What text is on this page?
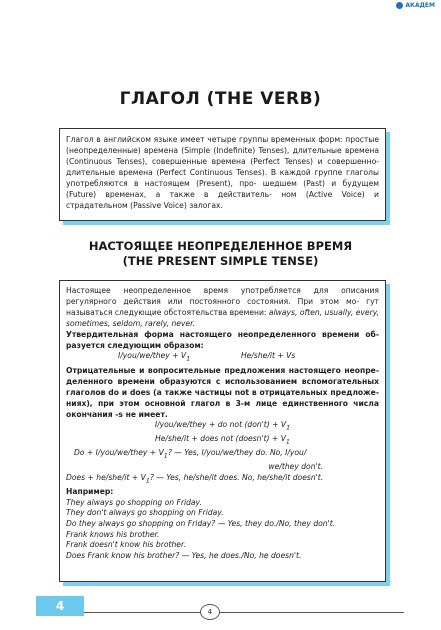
АКАДЕМ
ГЛАГОЛ (THE VERB)

Глагол в английском языке имеет четыре группы временных форм: простые (неопределенные) времена (Simple (Indefinite) Tenses), длительные времена (Continuous Tenses), совершенные времена (Perfect Tenses) и совершенно-длительные времена (Perfect Continuous Tenses). В каждой группе глаголы употребляются в настоящем (Present), про- шедшем (Past) и будущем (Future) временах, а также в действитель- ном (Active Voice) и страдательном (Passive Voice) залогах.

НАСТОЯЩЕЕ НЕОПРЕДЕЛЕННОЕ ВРЕМЯ
(THE PRESENT SIMPLE TENSE)

Настоящее неопределенное время употребляется для описания регулярного действия или постоянного состояния. При этом мо- гут называться следующие обстоятельства времени: always, often, usually, every, sometimes, seldom, rarely, never.

Утвердительная форма настоящего неопределенного времени об- разуется следующим образом:

I/you/we/they + $V_1$	He/she/it + Vs

Отрицательные и вопросительные предложения настоящего неопре- деленного времени образуются с использованием вспомогательных глаголов do и does (а также частицы not в отрицательных предложе- ниях), при этом основной глагол в 3-м лице единственного числа окончания -s не имеет.

I/you/we/they + do not $(don't) + V_1$

He/she/it + does not (doesn't) + $V_1$

Do + I/you/we/they + $V_1$? — Yes, I/you/we/they do. No, I/you/

we/they don't.

Does + $he/she/it + V_1$? — Yes, he/she/it does. No, he/she/it doesn't.

Например:

They always go shopping on Friday.

They don't always go shopping on Friday.

Do they always go shopping on Friday? — Yes, they do./No, they don't.

Frank knows his brother.

Frank doesn't know his brother.

Does Frank know his brother? — Yes, he does./No, he doesn't.

4	4
